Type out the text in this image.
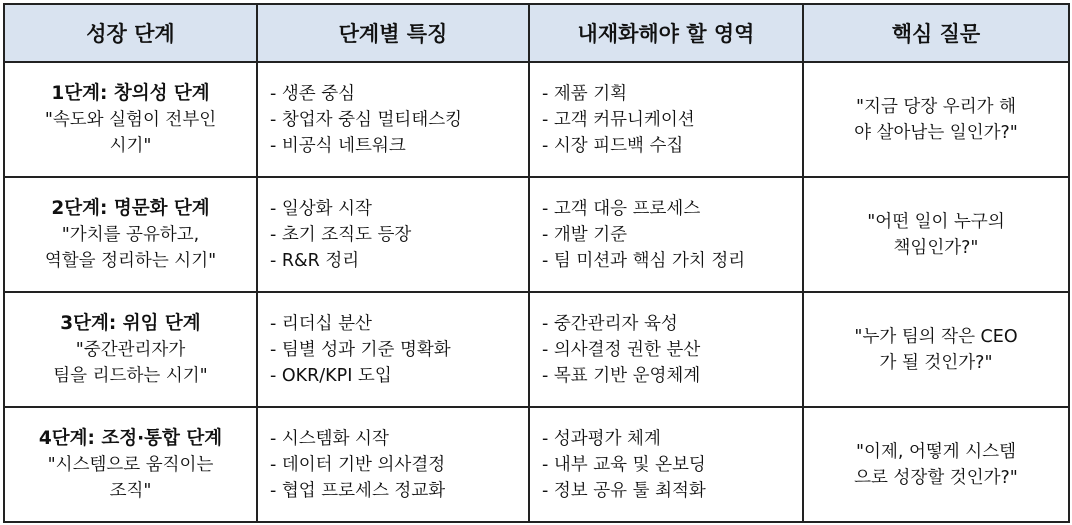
성장 단계	단계별 특징	내재화해야 할 영역	핵심 질문

1단계: 창의성 단계
"속도와 실험이 전부인
시기"	- 생존 중심
- 창업자 중심 멀티태스킹
- 비공식 네트워크	- 제품 기획
- 고객 커뮤니케이션
- 시장 피드백 수집	"지금 당장 우리가 해
야 살아남는 일인가?"

2단계: 명문화 단계
"가치를 공유하고,
역할을 정리하는 시기"	- 일상화 시작
- 초기 조직도 등장
- R&R 정리	- 고객 대응 프로세스
- 개발 기준
- 팀 미션과 핵심 가치 정리	"어떤 일이 누구의
책임인가?"

3단계: 위임 단계
"중간관리자가
팀을 리드하는 시기"	- 리더십 분산
- 팀별 성과 기준 명확화
- OKR/KPI 도입	- 중간관리자 육성
- 의사결정 권한 분산
- 목표 기반 운영체계	"누가 팀의 작은 CEO
가 될 것인가?"

4단계: 조정·통합 단계
"시스템으로 움직이는
조직"	- 시스템화 시작
- 데이터 기반 의사결정
- 협업 프로세스 정교화	- 성과평가 체계
- 내부 교육 및 온보딩
- 정보 공유 툴 최적화	"이제, 어떻게 시스템
으로 성장할 것인가?"
